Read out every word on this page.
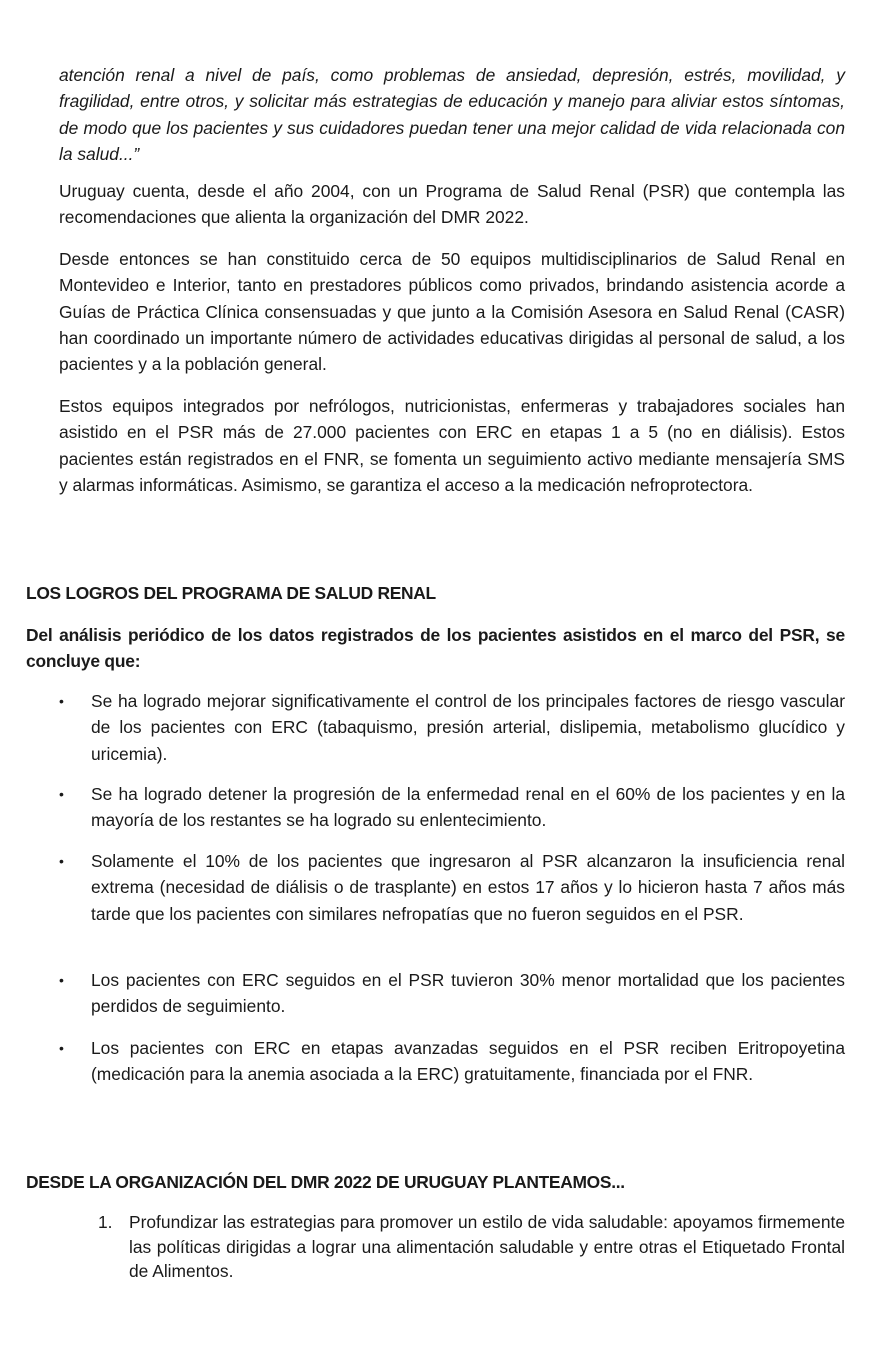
atención renal a nivel de país, como problemas de ansiedad, depresión, estrés, movilidad, y fragilidad, entre otros, y solicitar más estrategias de educación y manejo para aliviar estos síntomas, de modo que los pacientes y sus cuidadores puedan tener una mejor calidad de vida relacionada con la salud...”

Uruguay cuenta, desde el año 2004, con un Programa de Salud Renal (PSR) que contempla las recomendaciones que alienta la organización del DMR 2022.

Desde entonces se han constituido cerca de 50 equipos multidisciplinarios de Salud Renal en Montevideo e Interior, tanto en prestadores públicos como privados, brindando asistencia acorde a Guías de Práctica Clínica consensuadas y que junto a la Comisión Asesora en Salud Renal (CASR) han coordinado un importante número de actividades educativas dirigidas al personal de salud, a los pacientes y a la población general.

Estos equipos integrados por nefrólogos, nutricionistas, enfermeras y trabajadores sociales han asistido en el PSR más de 27.000 pacientes con ERC en etapas 1 a 5 (no en diálisis). Estos pacientes están registrados en el FNR, se fomenta un seguimiento activo mediante mensajería SMS y alarmas informáticas. Asimismo, se garantiza el acceso a la medicación nefroprotectora.

LOS LOGROS DEL PROGRAMA DE SALUD RENAL

Del análisis periódico de los datos registrados de los pacientes asistidos en el marco del PSR, se concluye que:

• Se ha logrado mejorar significativamente el control de los principales factores de riesgo vascular de los pacientes con ERC (tabaquismo, presión arterial, dislipemia, metabolismo glucídico y uricemia).
• Se ha logrado detener la progresión de la enfermedad renal en el 60% de los pacientes y en la mayoría de los restantes se ha logrado su enlentecimiento.
• Solamente el 10% de los pacientes que ingresaron al PSR alcanzaron la insuficiencia renal extrema (necesidad de diálisis o de trasplante) en estos 17 años y lo hicieron hasta 7 años más tarde que los pacientes con similares nefropatías que no fueron seguidos en el PSR.
• Los pacientes con ERC seguidos en el PSR tuvieron 30% menor mortalidad que los pacientes perdidos de seguimiento.
• Los pacientes con ERC en etapas avanzadas seguidos en el PSR reciben Eritropoyetina (medicación para la anemia asociada a la ERC) gratuitamente, financiada por el FNR.
DESDE LA ORGANIZACIÓN DEL DMR 2022 DE URUGUAY PLANTEAMOS...
1. Profundizar las estrategias para promover un estilo de vida saludable: apoyamos firmemente las políticas dirigidas a lograr una alimentación saludable y entre otras el Etiquetado Frontal de Alimentos.
